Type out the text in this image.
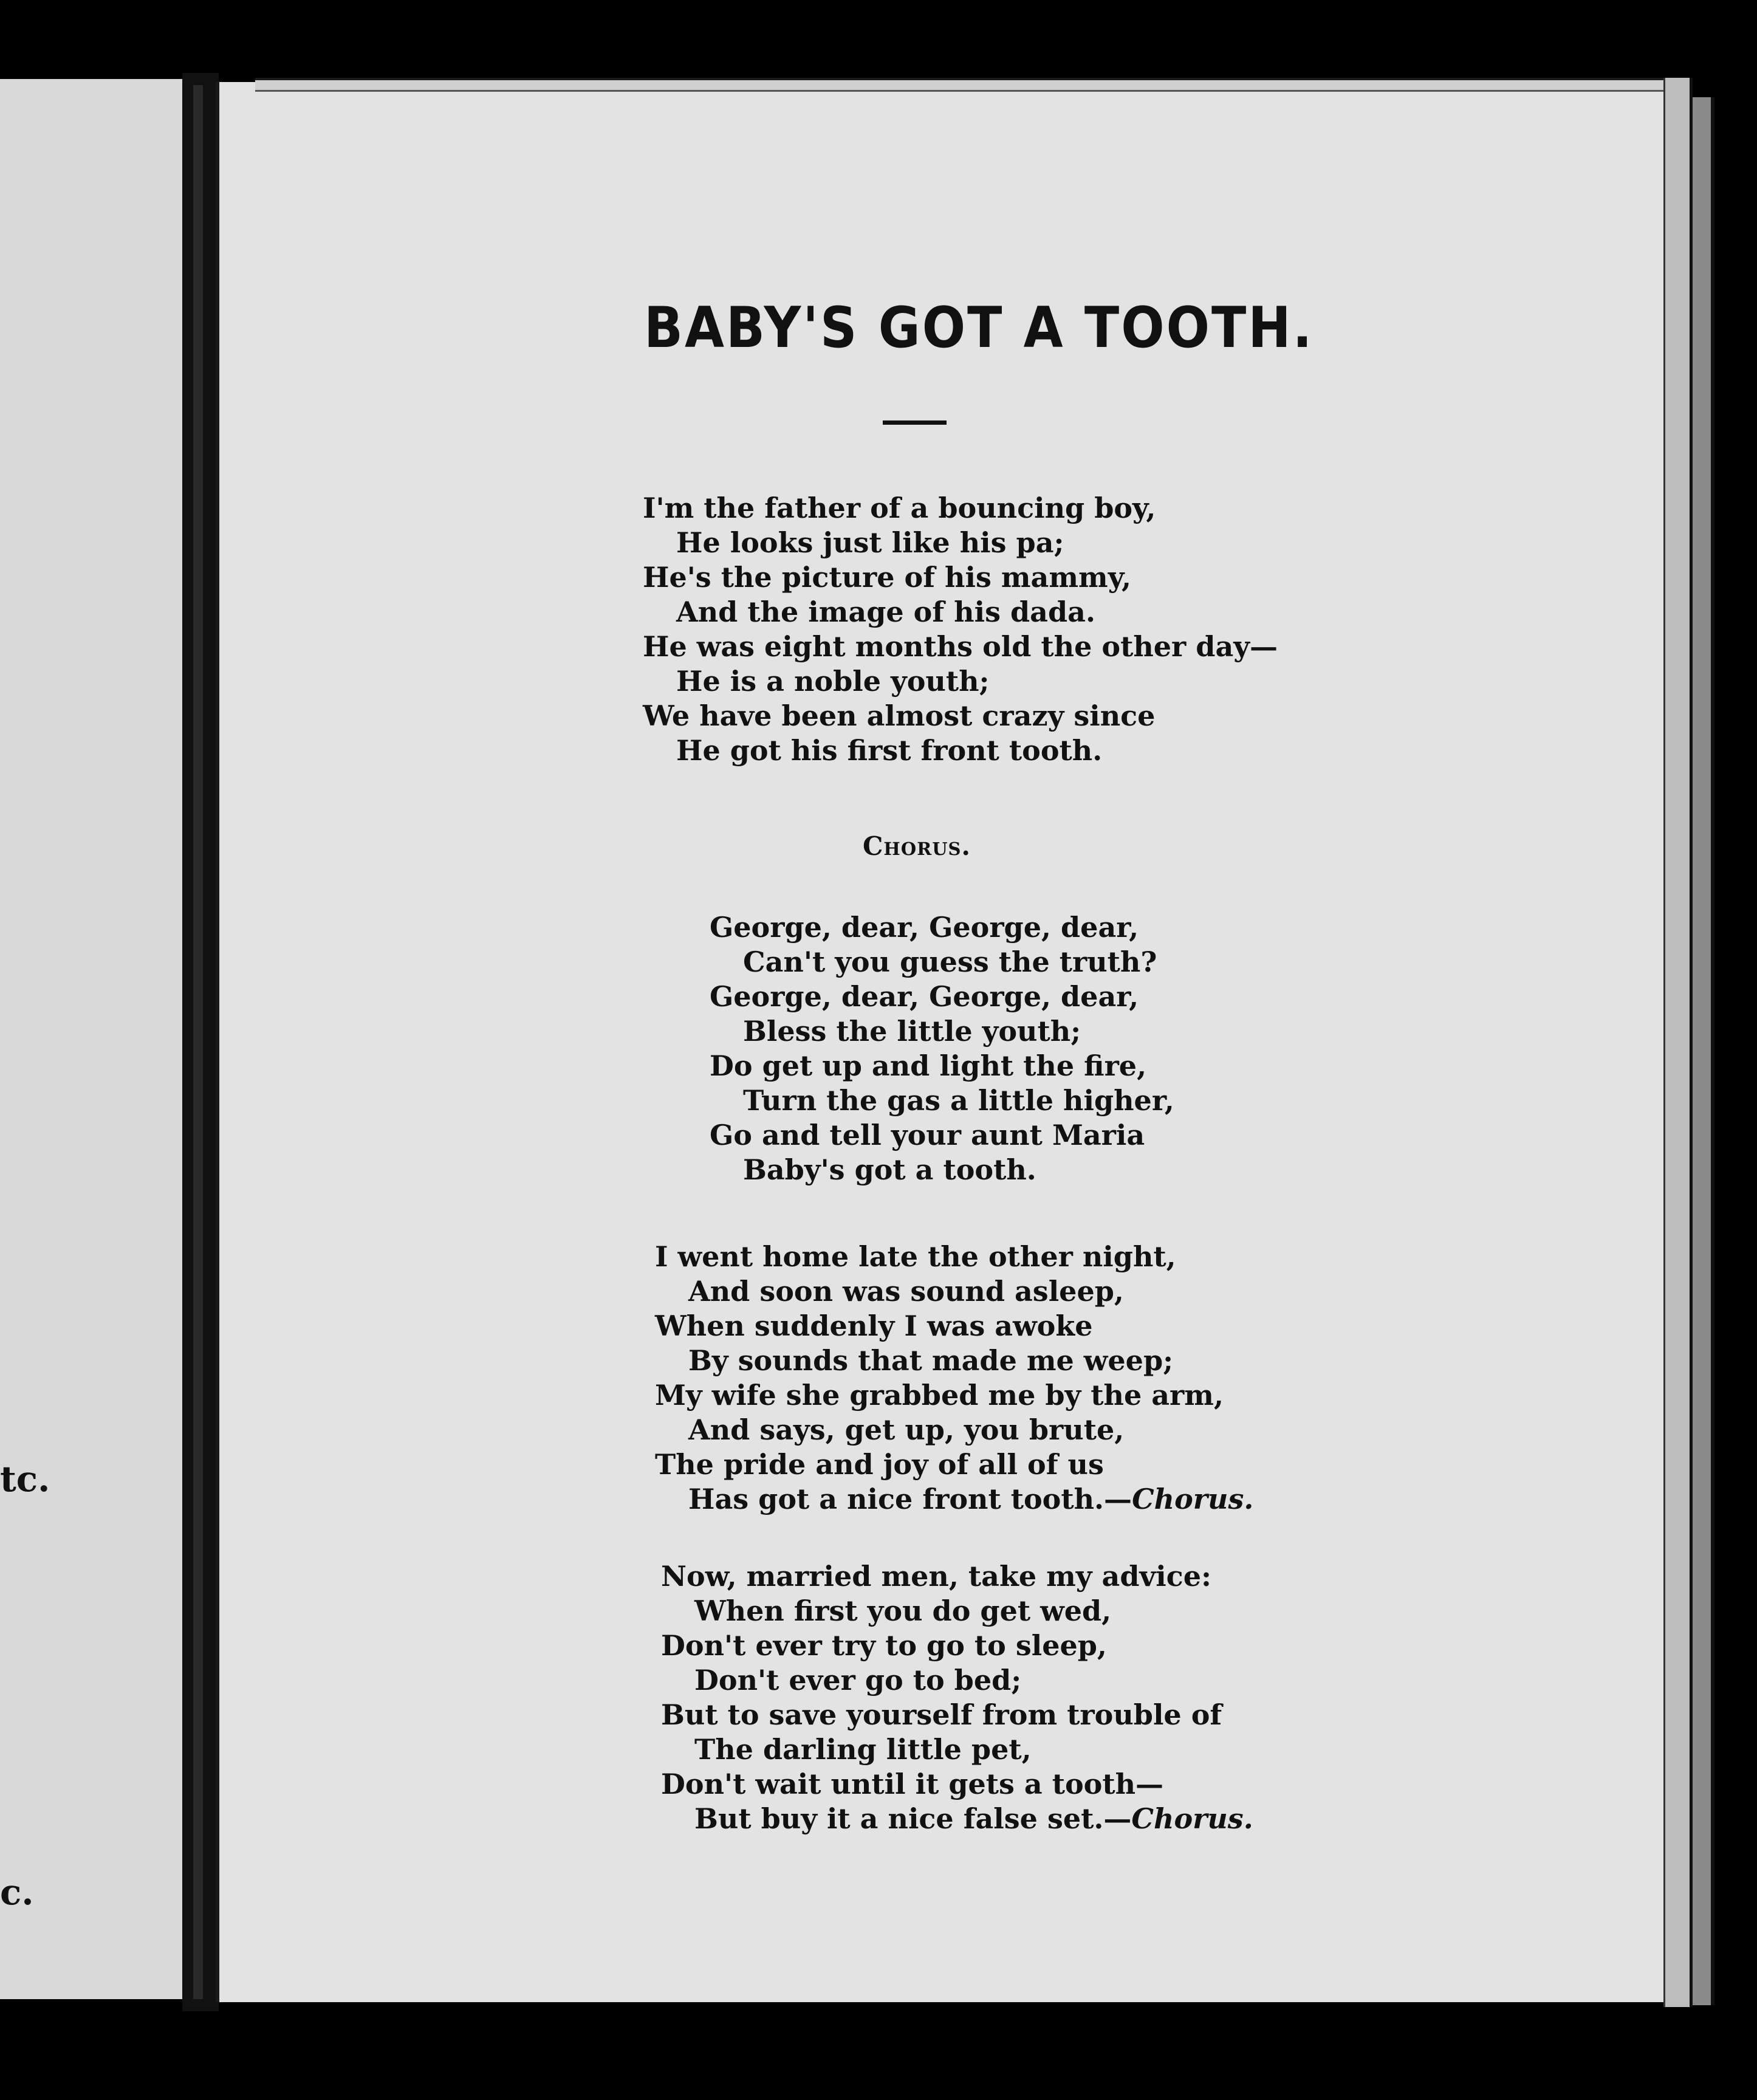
tc.
c.
BABY'S GOT A TOOTH.
I'm the father of a bouncing boy,
He looks just like his pa;
He's the picture of his mammy,
And the image of his dada.
He was eight months old the other day—
He is a noble youth;
We have been almost crazy since
He got his first front tooth.
Chorus.
George, dear, George, dear,
Can't you guess the truth?
George, dear, George, dear,
Bless the little youth;
Do get up and light the fire,
Turn the gas a little higher,
Go and tell your aunt Maria
Baby's got a tooth.
I went home late the other night,
And soon was sound asleep,
When suddenly I was awoke
By sounds that made me weep;
My wife she grabbed me by the arm,
And says, get up, you brute,
The pride and joy of all of us
Has got a nice front tooth.—Chorus.
Now, married men, take my advice:
When first you do get wed,
Don't ever try to go to sleep,
Don't ever go to bed;
But to save yourself from trouble of
The darling little pet,
Don't wait until it gets a tooth—
But buy it a nice false set.—Chorus.
